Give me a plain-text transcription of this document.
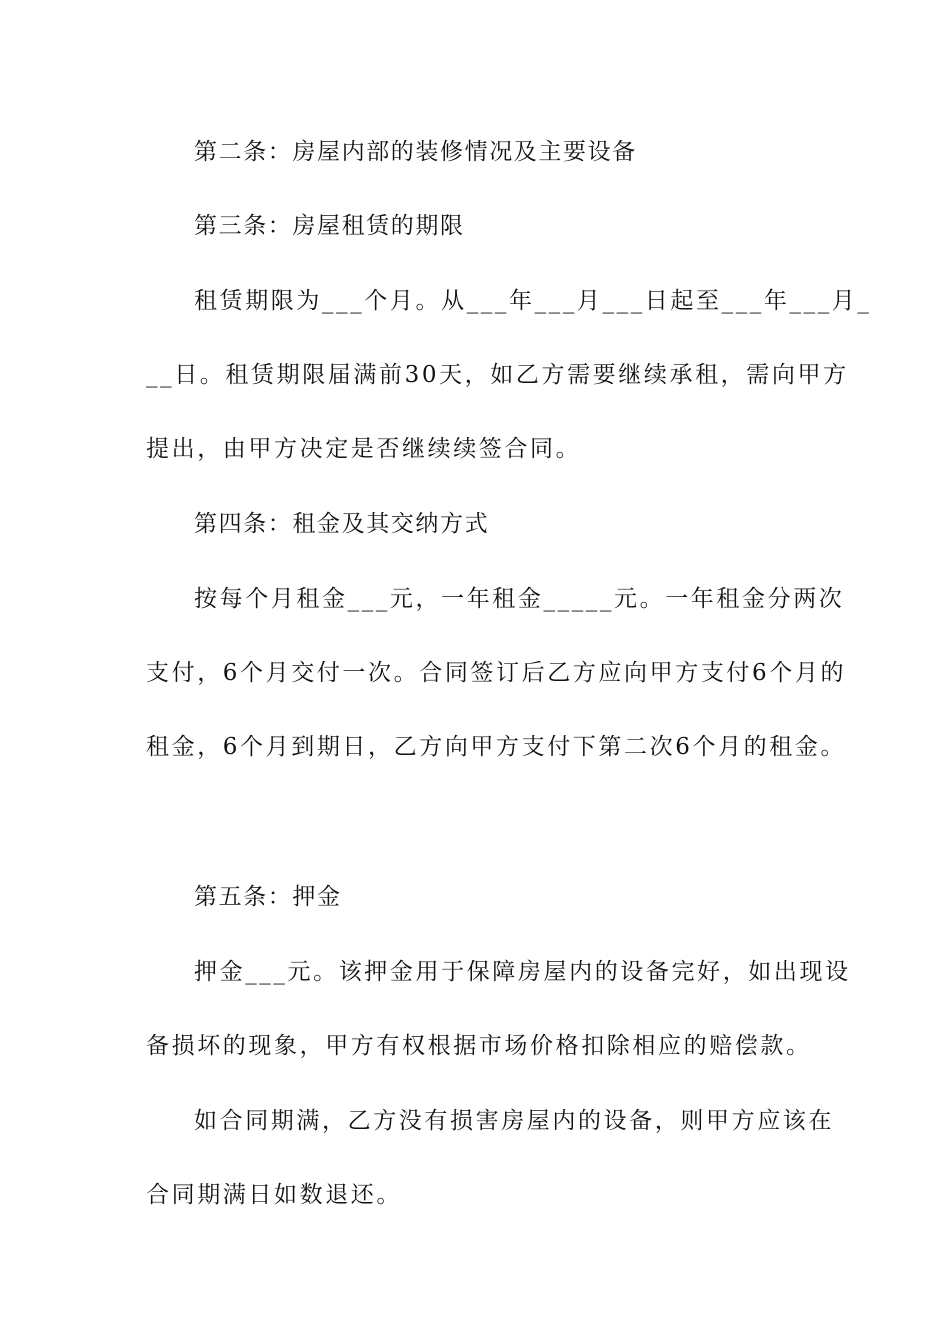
第二条：房屋内部的装修情况及主要设备
第三条：房屋租赁的期限
租赁期限为___个月。从___年___月___日起至___年___月_
__日。租赁期限届满前30天，如乙方需要继续承租，需向甲方
提出，由甲方决定是否继续续签合同。
第四条：租金及其交纳方式
按每个月租金___元，一年租金_____元。一年租金分两次
支付，6个月交付一次。合同签订后乙方应向甲方支付6个月的
租金，6个月到期日，乙方向甲方支付下第二次6个月的租金。
第五条：押金
押金___元。该押金用于保障房屋内的设备完好，如出现设
备损坏的现象，甲方有权根据市场价格扣除相应的赔偿款。
如合同期满，乙方没有损害房屋内的设备，则甲方应该在
合同期满日如数退还。
